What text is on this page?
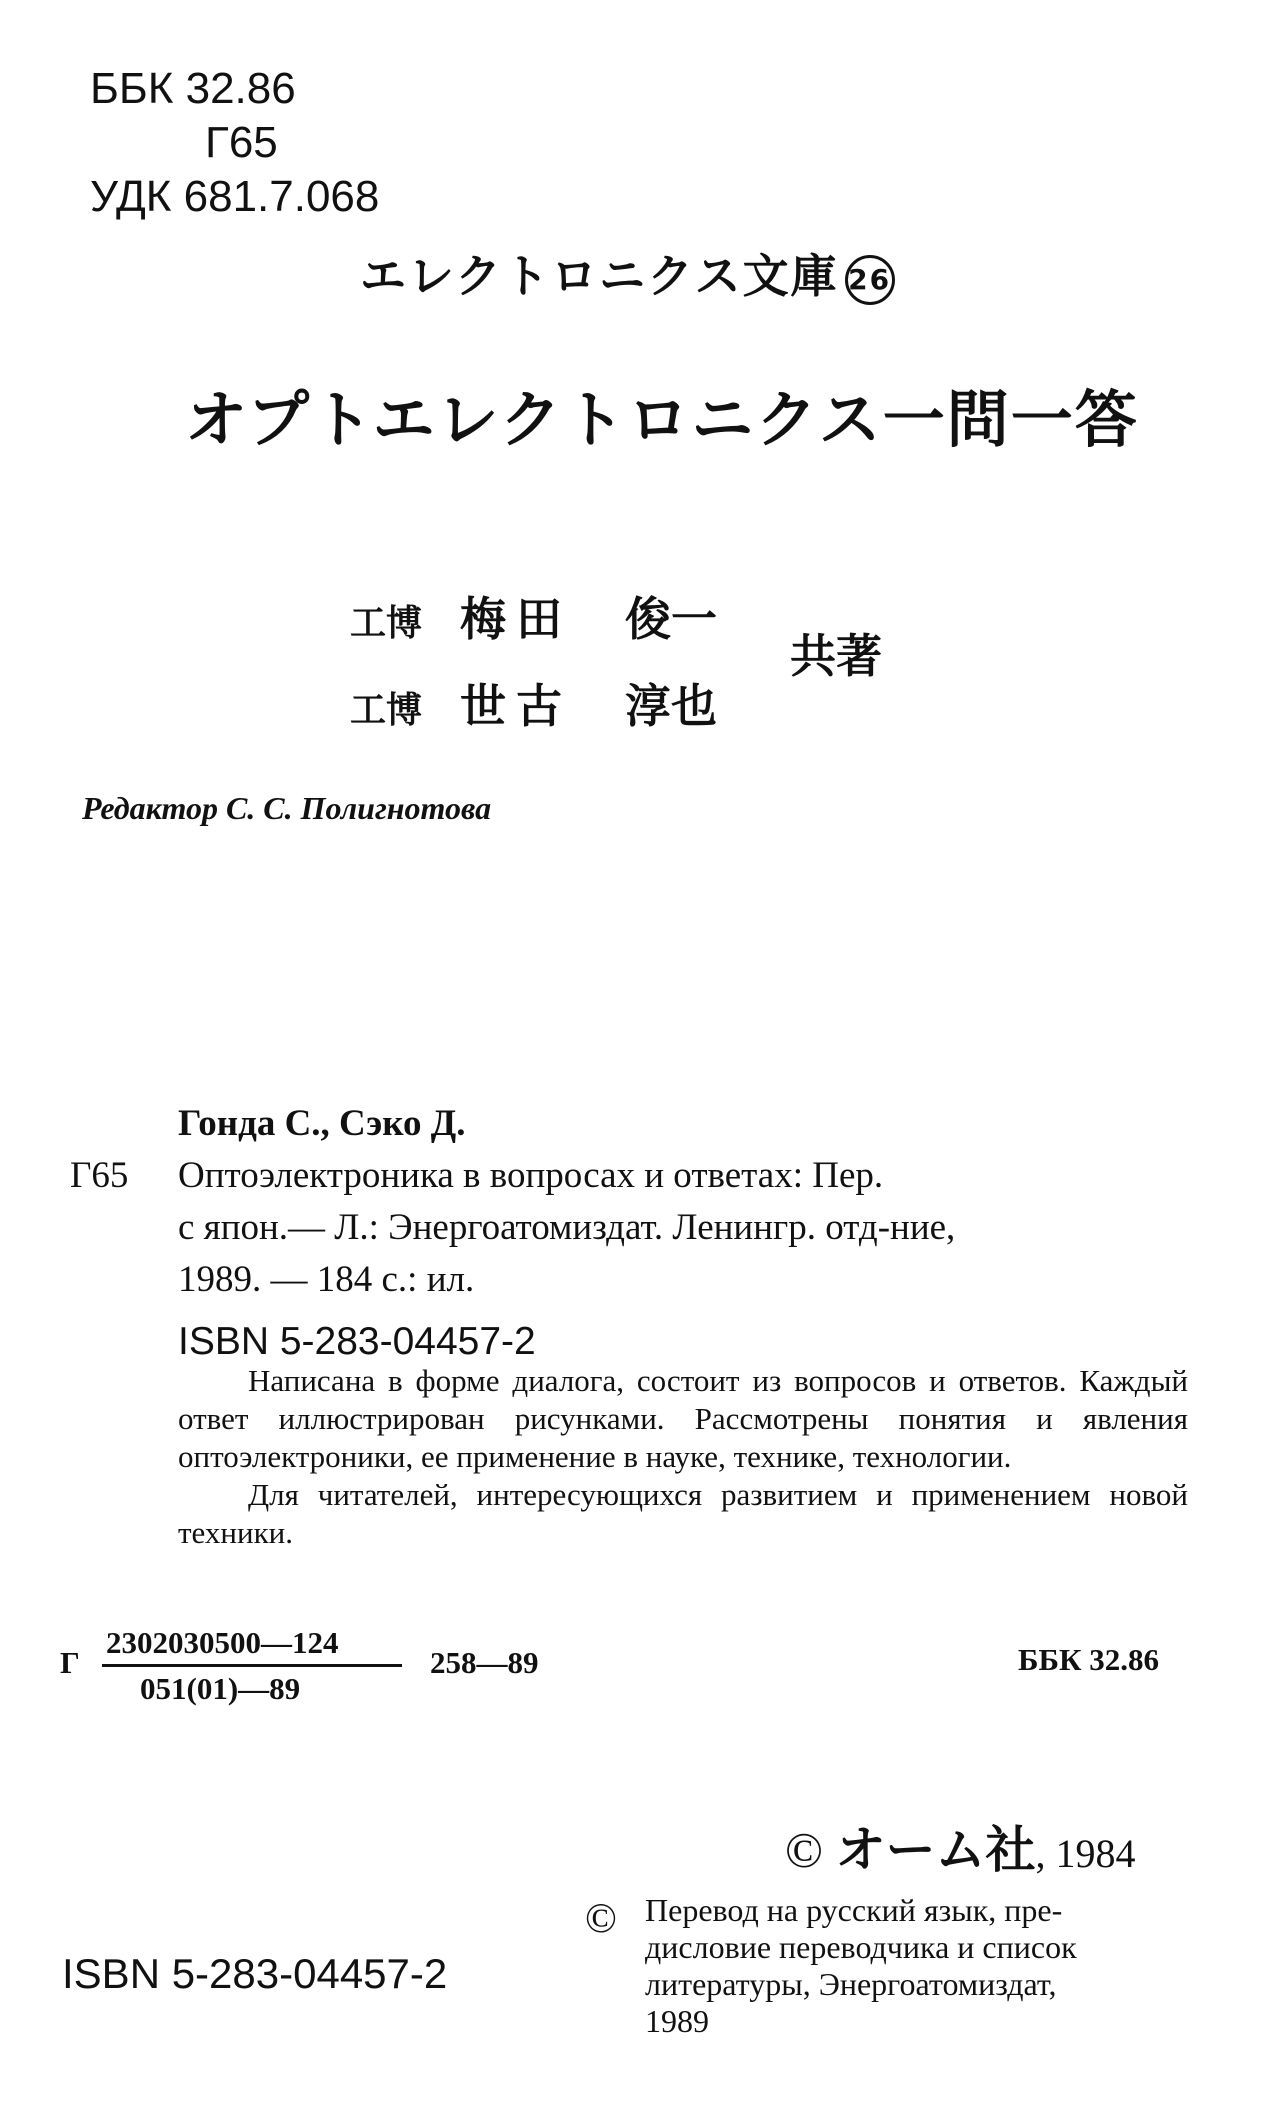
ББК 32.86
Г65
УДК 681.7.068
エレクトロニクス文庫 26
オプトエレクトロニクス一問一答
工博 梅田 俊一
工博 世古 淳也
共著
Редактор С. С. Полигнотова
Гонда С., Сэко Д.
Г65 Оптоэлектроника в вопросах и ответах: Пер.
с япон.— Л.: Энергоатомиздат. Ленингр. отд-ние,
1989. — 184 с.: ил.
ISBN 5-283-04457-2

Написана в форме диалога, состоит из вопросов и ответов. Каждый ответ иллюстрирован рисунками. Рассмотрены понятия и явления оптоэлектроники, ее применение в науке, технике, технологии.

Для читателей, интересующихся развитием и применением новой техники.

Г
2302030500—124
051(01)—89
258—89	ББК 32.86
© オーム社, 1984
© Перевод на русский язык, пре-
дисловие переводчика и список
литературы, Энергоатомиздат,
1989
ISBN 5-283-04457-2
